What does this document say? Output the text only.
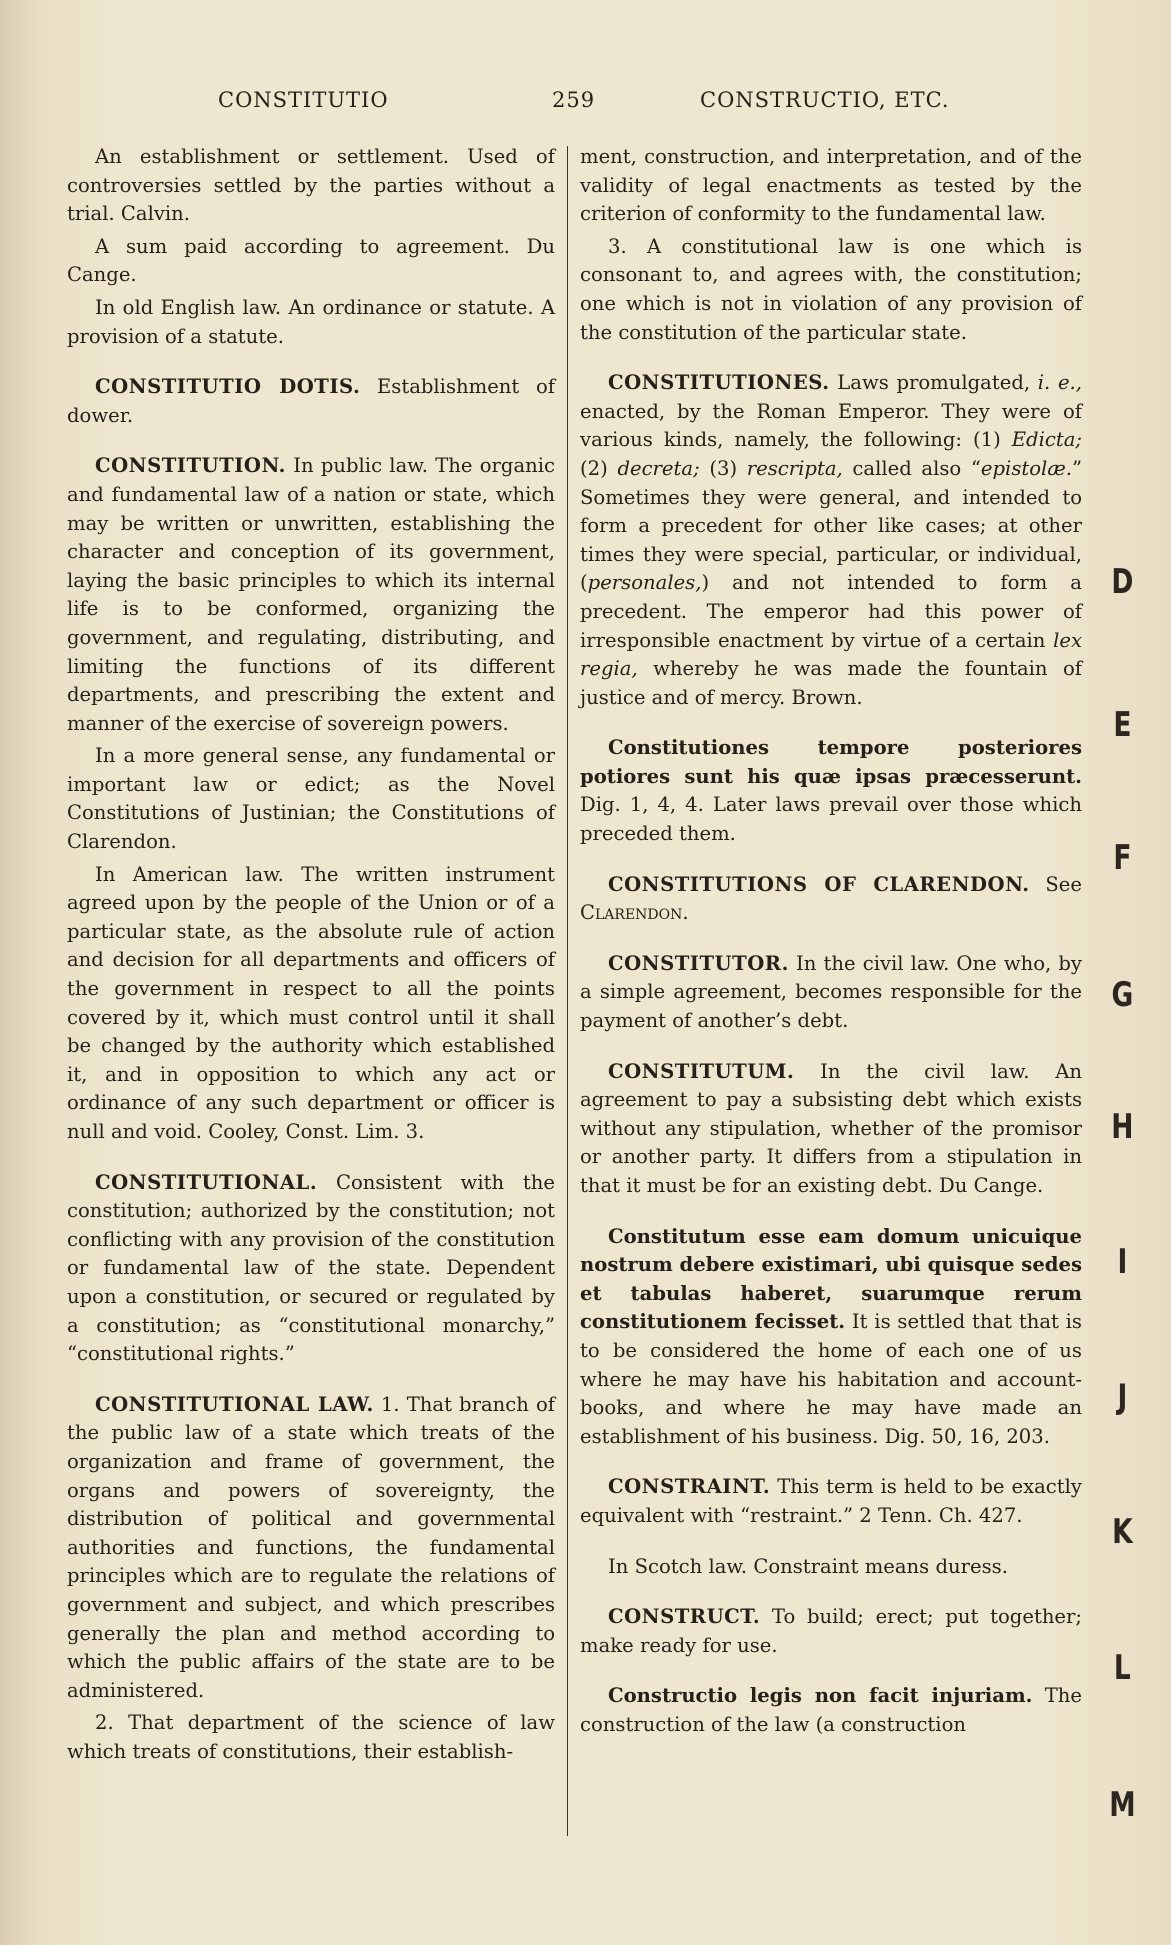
CONSTITUTIO	259	CONSTRUCTIO, ETC.

An establishment or settlement. Used of controversies settled by the parties without a trial. Calvin.

A sum paid according to agreement. Du Cange.

In old English law. An ordinance or statute. A provision of a statute.

CONSTITUTIO DOTIS. Establishment of dower.

CONSTITUTION. In public law. The organic and fundamental law of a nation or state, which may be written or unwritten, establishing the character and conception of its government, laying the basic principles to which its internal life is to be conformed, organizing the government, and regulating, distributing, and limiting the functions of its different departments, and prescribing the extent and manner of the exercise of sovereign powers.

In a more general sense, any fundamental or important law or edict; as the Novel Constitutions of Justinian; the Constitutions of Clarendon.

In American law. The written instrument agreed upon by the people of the Union or of a particular state, as the absolute rule of action and decision for all departments and officers of the government in respect to all the points covered by it, which must control until it shall be changed by the authority which established it, and in opposition to which any act or ordinance of any such department or officer is null and void. Cooley, Const. Lim. 3.

CONSTITUTIONAL. Consistent with the constitution; authorized by the constitution; not conflicting with any provision of the constitution or fundamental law of the state. Dependent upon a constitution, or secured or regulated by a constitution; as “constitutional monarchy,” “constitutional rights.”

CONSTITUTIONAL LAW. 1. That branch of the public law of a state which treats of the organization and frame of government, the organs and powers of sovereignty, the distribution of political and governmental authorities and functions, the fundamental principles which are to regulate the relations of government and subject, and which prescribes generally the plan and method according to which the public affairs of the state are to be administered.

2. That department of the science of law which treats of constitutions, their establish-

ment, construction, and interpretation, and of the validity of legal enactments as tested by the criterion of conformity to the fundamental law.

3. A constitutional law is one which is consonant to, and agrees with, the constitution; one which is not in violation of any provision of the constitution of the particular state.

CONSTITUTIONES. Laws promulgated, i. e., enacted, by the Roman Emperor. They were of various kinds, namely, the following: (1) Edicta; (2) decreta; (3) rescripta, called also “epistolæ.” Sometimes they were general, and intended to form a precedent for other like cases; at other times they were special, particular, or individual, (personales,) and not intended to form a precedent. The emperor had this power of irresponsible enactment by virtue of a certain lex regia, whereby he was made the fountain of justice and of mercy. Brown.

Constitutiones tempore posteriores potiores sunt his quæ ipsas præcesserunt. Dig. 1, 4, 4. Later laws prevail over those which preceded them.

CONSTITUTIONS OF CLARENDON. See Clarendon.

CONSTITUTOR. In the civil law. One who, by a simple agreement, becomes responsible for the payment of another’s debt.

CONSTITUTUM. In the civil law. An agreement to pay a subsisting debt which exists without any stipulation, whether of the promisor or another party. It differs from a stipulation in that it must be for an existing debt. Du Cange.

Constitutum esse eam domum unicuique nostrum debere existimari, ubi quisque sedes et tabulas haberet, suarumque rerum constitutionem fecisset. It is settled that that is to be considered the home of each one of us where he may have his habitation and account-books, and where he may have made an establishment of his business. Dig. 50, 16, 203.

CONSTRAINT. This term is held to be exactly equivalent with “restraint.” 2 Tenn. Ch. 427.

In Scotch law. Constraint means duress.

CONSTRUCT. To build; erect; put together; make ready for use.

Constructio legis non facit injuriam. The construction of the law (a construction

D
E
F
G
H
I
J
K
L
M
